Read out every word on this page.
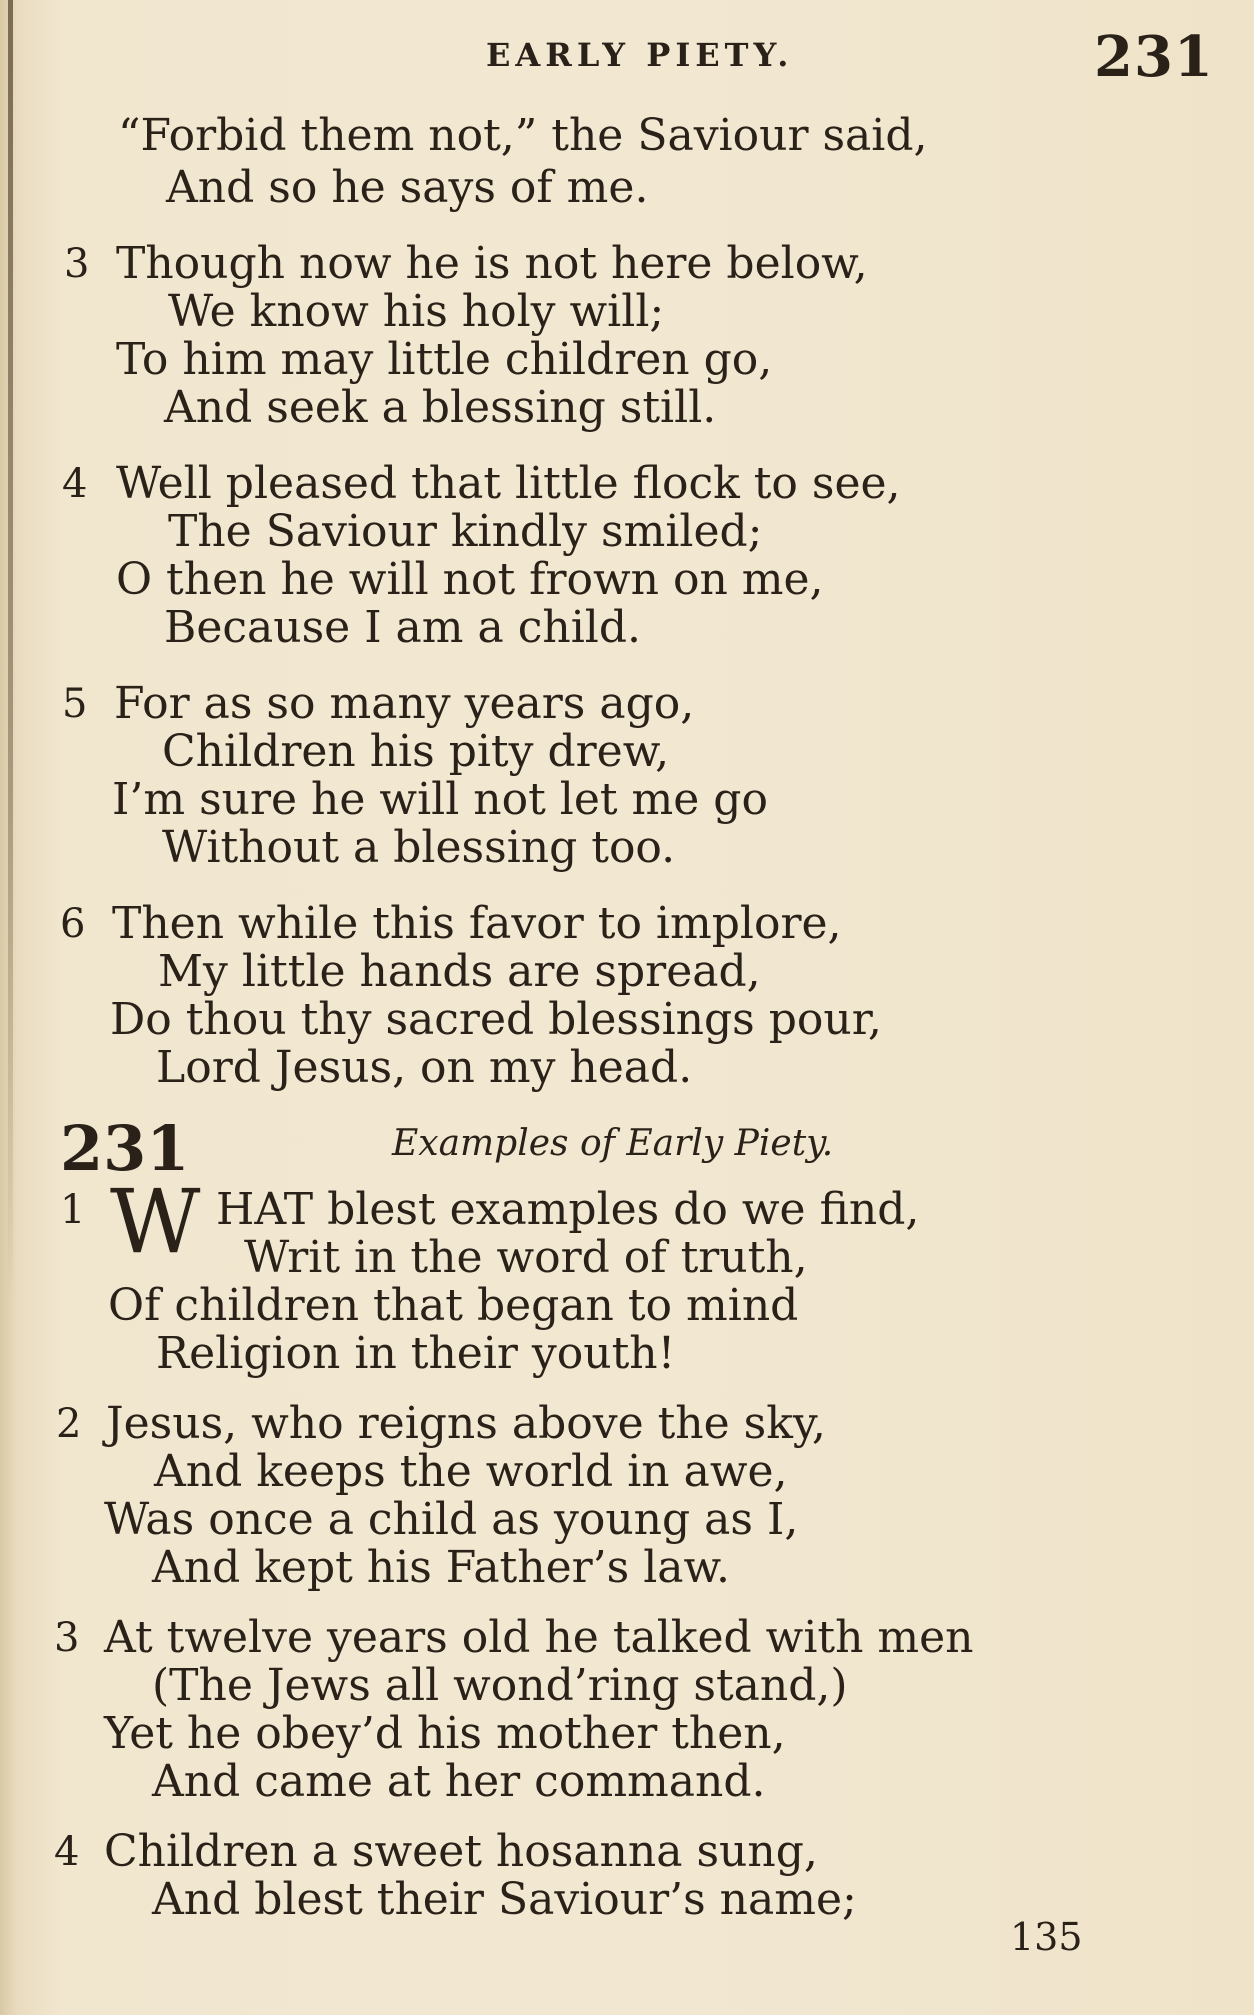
EARLY PIETY.	231
“Forbid them not,” the Saviour said,
And so he says of me.
3 Though now he is not here below,
We know his holy will;
To him may little children go,
And seek a blessing still.
4 Well pleased that little flock to see,
The Saviour kindly smiled;
O then he will not frown on me,
Because I am a child.
5 For as so many years ago,
Children his pity drew,
I’m sure he will not let me go
Without a blessing too.
6 Then while this favor to implore,
My little hands are spread,
Do thou thy sacred blessings pour,
Lord Jesus, on my head.
231	Examples of Early Piety.
1 W HAT blest examples do we find,
Writ in the word of truth,
Of children that began to mind
Religion in their youth!
2 Jesus, who reigns above the sky,
And keeps the world in awe,
Was once a child as young as I,
And kept his Father’s law.
3 At twelve years old he talked with men
(The Jews all wond’ring stand,)
Yet he obey’d his mother then,
And came at her command.
4 Children a sweet hosanna sung,
And blest their Saviour’s name;
135
